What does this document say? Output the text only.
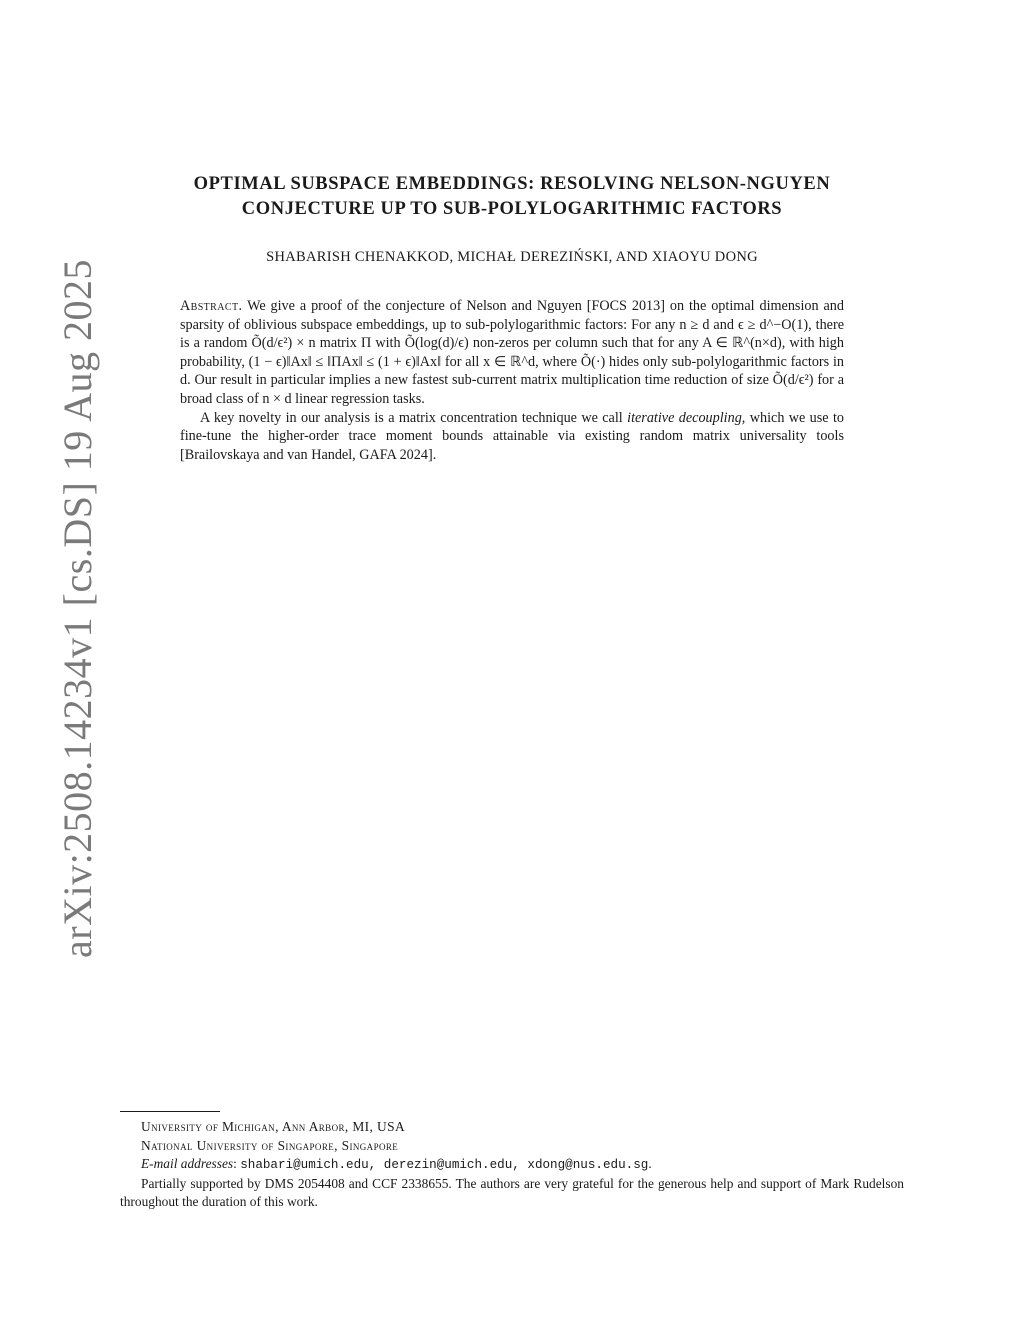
arXiv:2508.14234v1 [cs.DS] 19 Aug 2025
OPTIMAL SUBSPACE EMBEDDINGS: RESOLVING NELSON-NGUYEN
CONJECTURE UP TO SUB-POLYLOGARITHMIC FACTORS
SHABARISH CHENAKKOD, MICHAŁ DEREZIŃSKI, AND XIAOYU DONG

Abstract. We give a proof of the conjecture of Nelson and Nguyen [FOCS 2013] on the optimal dimension and sparsity of oblivious subspace embeddings, up to sub-polylogarithmic factors: For any n ≥ d and ϵ ≥ d^−O(1), there is a random Õ(d/ϵ²) × n matrix Π with Õ(log(d)/ϵ) non-zeros per column such that for any A ∈ ℝ^(n×d), with high probability, (1 − ϵ)‖Ax‖ ≤ ‖ΠAx‖ ≤ (1 + ϵ)‖Ax‖ for all x ∈ ℝ^d, where Õ(·) hides only sub-polylogarithmic factors in d. Our result in particular implies a new fastest sub-current matrix multiplication time reduction of size Õ(d/ϵ²) for a broad class of n × d linear regression tasks.

A key novelty in our analysis is a matrix concentration technique we call iterative decoupling, which we use to fine-tune the higher-order trace moment bounds attainable via existing random matrix universality tools [Brailovskaya and van Handel, GAFA 2024].

University of Michigan, Ann Arbor, MI, USA
National University of Singapore, Singapore
E-mail addresses: shabari@umich.edu, derezin@umich.edu, xdong@nus.edu.sg.
Partially supported by DMS 2054408 and CCF 2338655. The authors are very grateful for the generous help and support of Mark Rudelson throughout the duration of this work.
